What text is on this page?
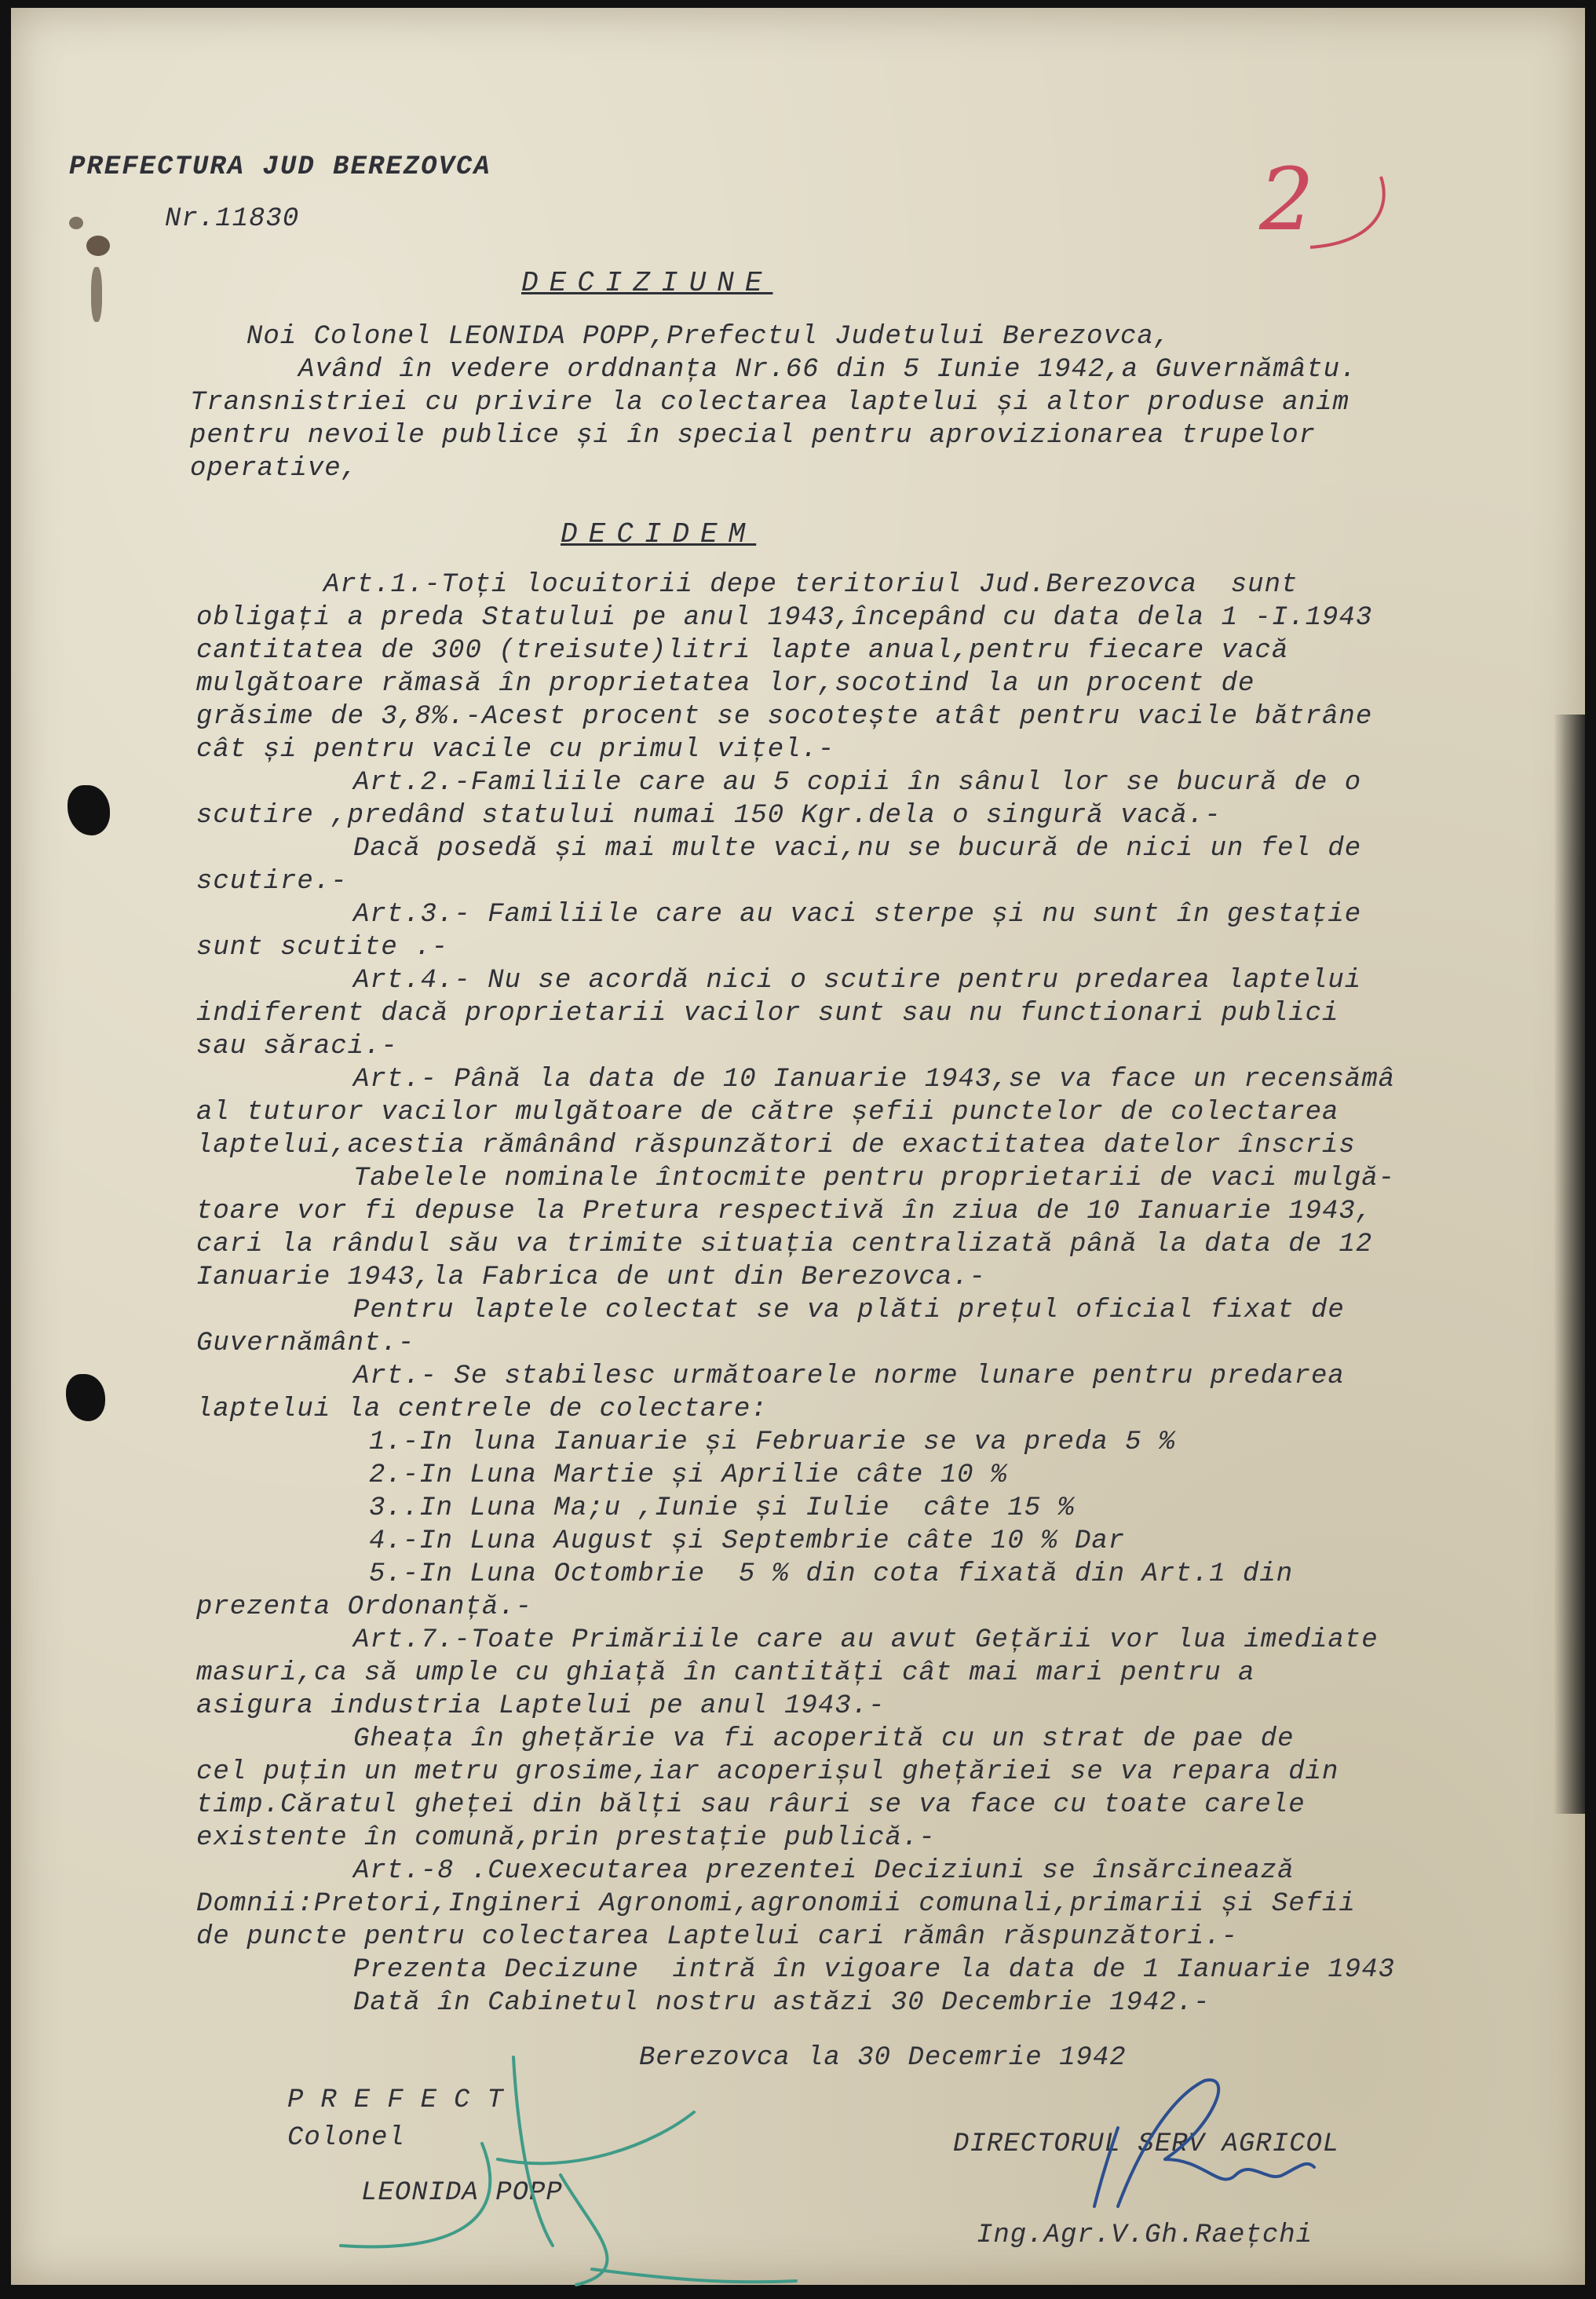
PREFECTURA JUD BEREZOVCA

Nr.11830	2

DECIZIUNE

Noi Colonel LEONIDA POPP,Prefectul Judetului Berezovca,

Având în vedere orddnanța Nr.66 din 5 Iunie 1942,a Guvernămâtu.

Transnistriei cu privire la colectarea laptelui și altor produse anim

pentru nevoile publice și în special pentru aprovizionarea trupelor

operative,

DECIDEM

Art.1.-Toți locuitorii depe teritoriul Jud.Berezovca  sunt

obligați a preda Statului pe anul 1943,începând cu data dela 1 -I.1943

cantitatea de 300 (treisute)litri lapte anual,pentru fiecare vacă

mulgătoare rămasă în proprietatea lor,socotind la un procent de

grăsime de 3,8%.-Acest procent se socotește atât pentru vacile bătrâne

cât și pentru vacile cu primul vițel.-

Art.2.-Familiile care au 5 copii în sânul lor se bucură de o

scutire ,predând statului numai 150 Kgr.dela o singură vacă.-

Dacă posedă și mai multe vaci,nu se bucură de nici un fel de

scutire.-

Art.3.- Familiile care au vaci sterpe și nu sunt în gestație

sunt scutite .-

Art.4.- Nu se acordă nici o scutire pentru predarea laptelui

indiferent dacă proprietarii vacilor sunt sau nu functionari publici

sau săraci.-

Art.- Până la data de 10 Ianuarie 1943,se va face un recensămâ

al tuturor vacilor mulgătoare de către șefii punctelor de colectarea

laptelui,acestia rămânând răspunzători de exactitatea datelor înscris

Tabelele nominale întocmite pentru proprietarii de vaci mulgă-

toare vor fi depuse la Pretura respectivă în ziua de 10 Ianuarie 1943,

cari la rândul său va trimite situația centralizată până la data de 12

Ianuarie 1943,la Fabrica de unt din Berezovca.-

Pentru laptele colectat se va plăti prețul oficial fixat de

Guvernământ.-

Art.- Se stabilesc următoarele norme lunare pentru predarea

laptelui la centrele de colectare:

1.-In luna Ianuarie și Februarie se va preda 5 %

2.-In Luna Martie și Aprilie câte 10 %

3..In Luna Ma;u ,Iunie și Iulie  câte 15 %

4.-In Luna August și Septembrie câte 10 % Dar

5.-In Luna Octombrie  5 % din cota fixată din Art.1 din

prezenta Ordonanță.-

Art.7.-Toate Primăriile care au avut Gețării vor lua imediate

masuri,ca să umple cu ghiață în cantități cât mai mari pentru a

asigura industria Laptelui pe anul 1943.-

Gheața în ghețărie va fi acoperită cu un strat de pae de

cel puțin un metru grosime,iar acoperișul ghețăriei se va repara din

timp.Căratul gheței din bălți sau râuri se va face cu toate carele

existente în comună,prin prestație publică.-

Art.-8 .Cuexecutarea prezentei Deciziuni se însărcinează

Domnii:Pretori,Ingineri Agronomi,agronomii comunali,primarii și Sefii

de puncte pentru colectarea Laptelui cari rămân răspunzători.-

Prezenta Decizune  intră în vigoare la data de 1 Ianuarie 1943

Dată în Cabinetul nostru astăzi 30 Decembrie 1942.-

Berezovca la 30 Decemrie 1942

PREFECT

Colonel

LEONIDA POPP

DIRECTORUL SERV AGRICOL

Ing.Agr.V.Gh.Raețchi
